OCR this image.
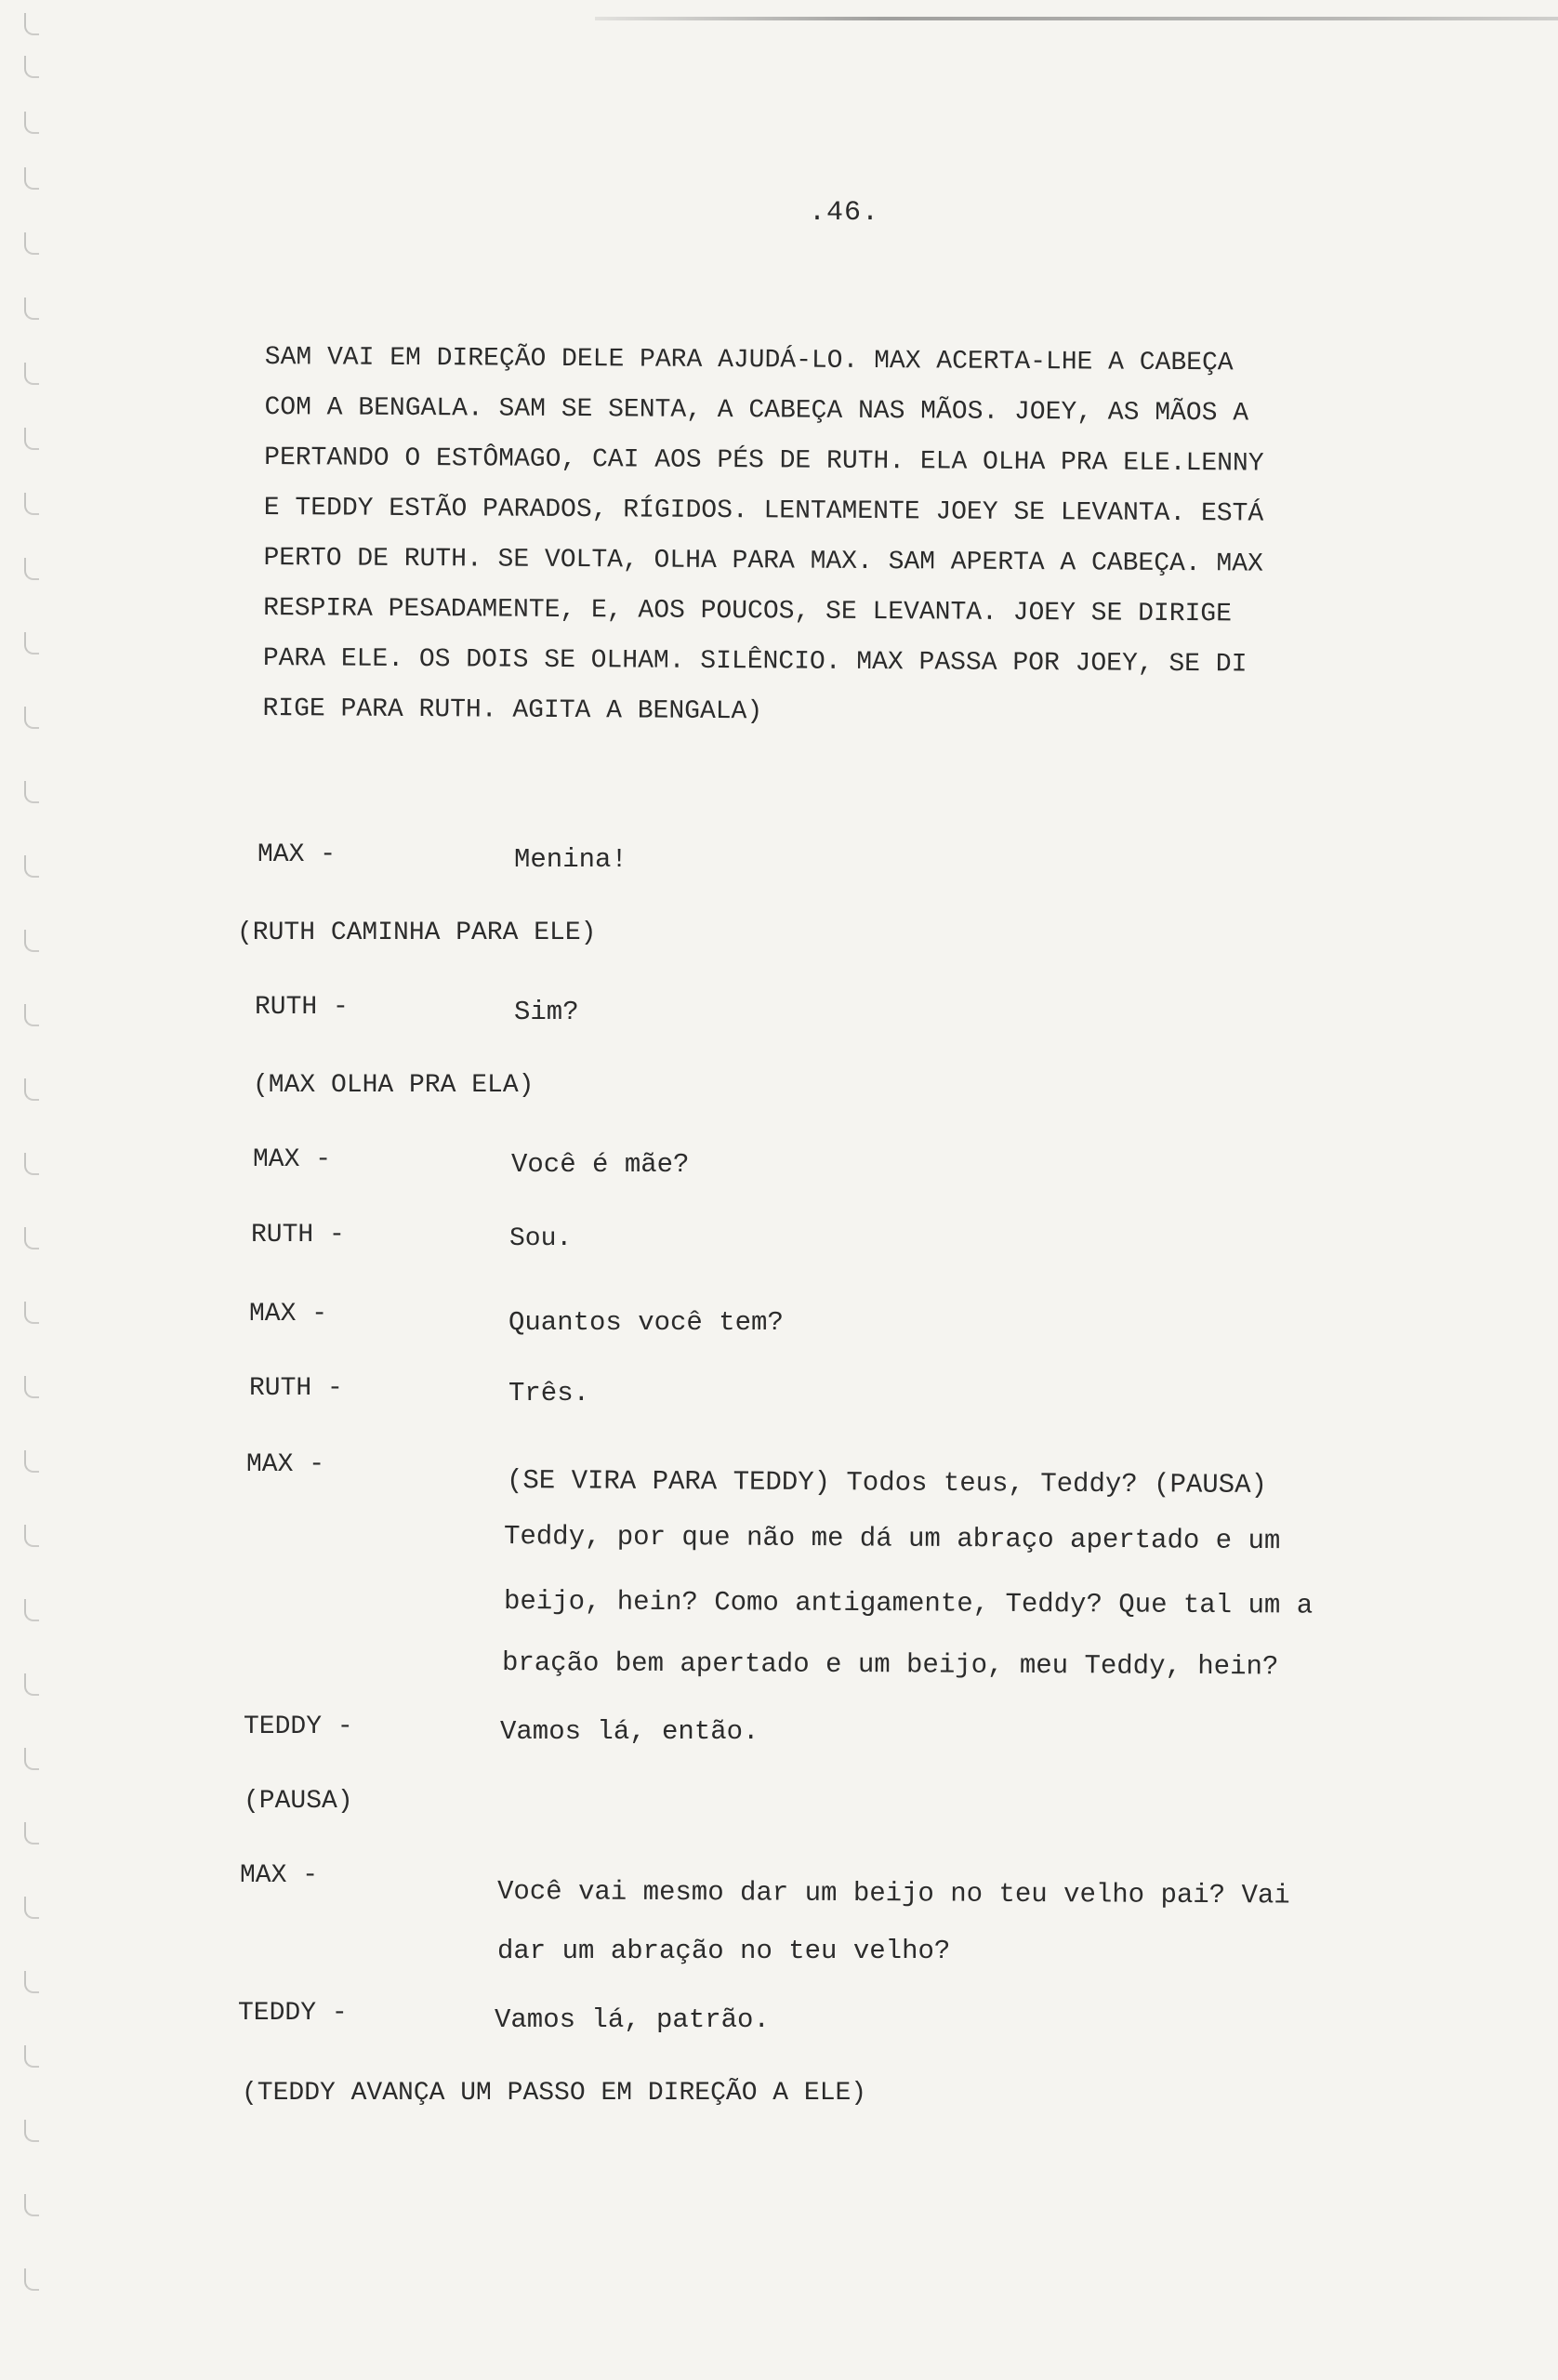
.46.

SAM VAI EM DIREÇÃO DELE PARA AJUDÁ-LO. MAX ACERTA-LHE A CABEÇA

COM A BENGALA. SAM SE SENTA, A CABEÇA NAS MÃOS. JOEY, AS MÃOS A

PERTANDO O ESTÔMAGO, CAI AOS PÉS DE RUTH. ELA OLHA PRA ELE.LENNY

E TEDDY ESTÃO PARADOS, RÍGIDOS. LENTAMENTE JOEY SE LEVANTA. ESTÁ

PERTO DE RUTH. SE VOLTA, OLHA PARA MAX. SAM APERTA A CABEÇA. MAX

RESPIRA PESADAMENTE, E, AOS POUCOS, SE LEVANTA. JOEY SE DIRIGE

PARA ELE. OS DOIS SE OLHAM. SILÊNCIO. MAX PASSA POR JOEY, SE DI

RIGE PARA RUTH. AGITA A BENGALA)

MAX -	Menina!
(RUTH CAMINHA PARA ELE)
RUTH -	Sim?
(MAX OLHA PRA ELA)
MAX -	Você é mãe?
RUTH -	Sou.
MAX -	Quantos você tem?
RUTH -	Três.
MAX -
(SE VIRA PARA TEDDY) Todos teus, Teddy? (PAUSA)
Teddy, por que não me dá um abraço apertado e um
beijo, hein? Como antigamente, Teddy? Que tal um a
bração bem apertado e um beijo, meu Teddy, hein?
TEDDY -	Vamos lá, então.
(PAUSA)
MAX -
Você vai mesmo dar um beijo no teu velho pai? Vai
dar um abração no teu velho?
TEDDY -	Vamos lá, patrão.
(TEDDY AVANÇA UM PASSO EM DIREÇÃO A ELE)
